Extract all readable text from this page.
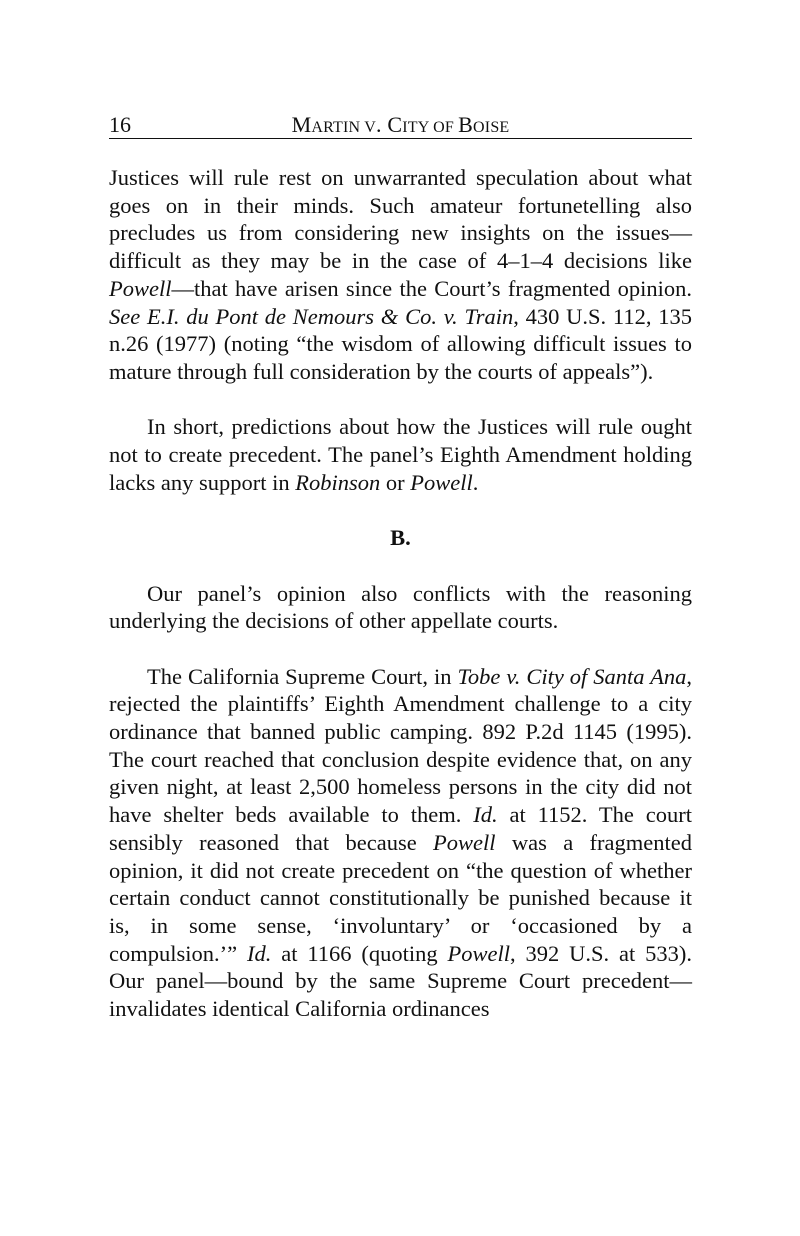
16	MARTIN V. CITY OF BOISE

Justices will rule rest on unwarranted speculation about what goes on in their minds. Such amateur fortunetelling also precludes us from considering new insights on the issues—difficult as they may be in the case of 4–1–4 decisions like Powell—that have arisen since the Court’s fragmented opinion. See E.I. du Pont de Nemours & Co. v. Train, 430 U.S. 112, 135 n.26 (1977) (noting “the wisdom of allowing difficult issues to mature through full consideration by the courts of appeals”).

In short, predictions about how the Justices will rule ought not to create precedent. The panel’s Eighth Amendment holding lacks any support in Robinson or Powell.

B.

Our panel’s opinion also conflicts with the reasoning underlying the decisions of other appellate courts.

The California Supreme Court, in Tobe v. City of Santa Ana, rejected the plaintiffs’ Eighth Amendment challenge to a city ordinance that banned public camping. 892 P.2d 1145 (1995). The court reached that conclusion despite evidence that, on any given night, at least 2,500 homeless persons in the city did not have shelter beds available to them. Id. at 1152. The court sensibly reasoned that because Powell was a fragmented opinion, it did not create precedent on “the question of whether certain conduct cannot constitutionally be punished because it is, in some sense, ‘involuntary’ or ‘occasioned by a compulsion.’” Id. at 1166 (quoting Powell, 392 U.S. at 533). Our panel—bound by the same Supreme Court precedent—invalidates identical California ordinances
